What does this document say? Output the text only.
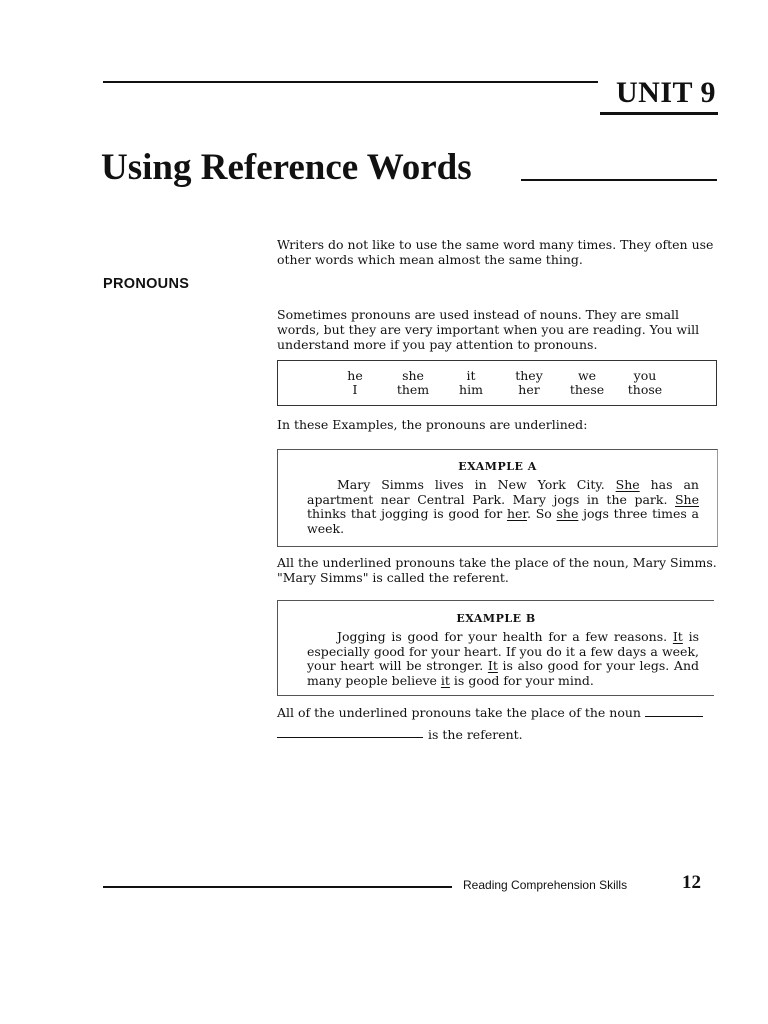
UNIT 9
Using Reference Words

Writers do not like to use the same word many times. They often use other words which mean almost the same thing.

PRONOUNS

Sometimes pronouns are used instead of nouns. They are small words, but they are very important when you are reading. You will understand more if you pay attention to pronouns.

he	she	it	they	we	you
I	them	him	her	these	those

In these Examples, the pronouns are underlined:

EXAMPLE A

Mary Simms lives in New York City. She has an apartment near Central Park. Mary jogs in the park. She thinks that jogging is good for her. So she jogs three times a week.

All the underlined pronouns take the place of the noun, Mary Simms.
"Mary Simms" is called the referent.

EXAMPLE B

Jogging is good for your health for a few reasons. It is especially good for your heart. If you do it a few days a week, your heart will be stronger. It is also good for your legs. And many people believe it is good for your mind.

All of the underlined pronouns take the place of the noun

is the referent.

Reading Comprehension Skills	12
